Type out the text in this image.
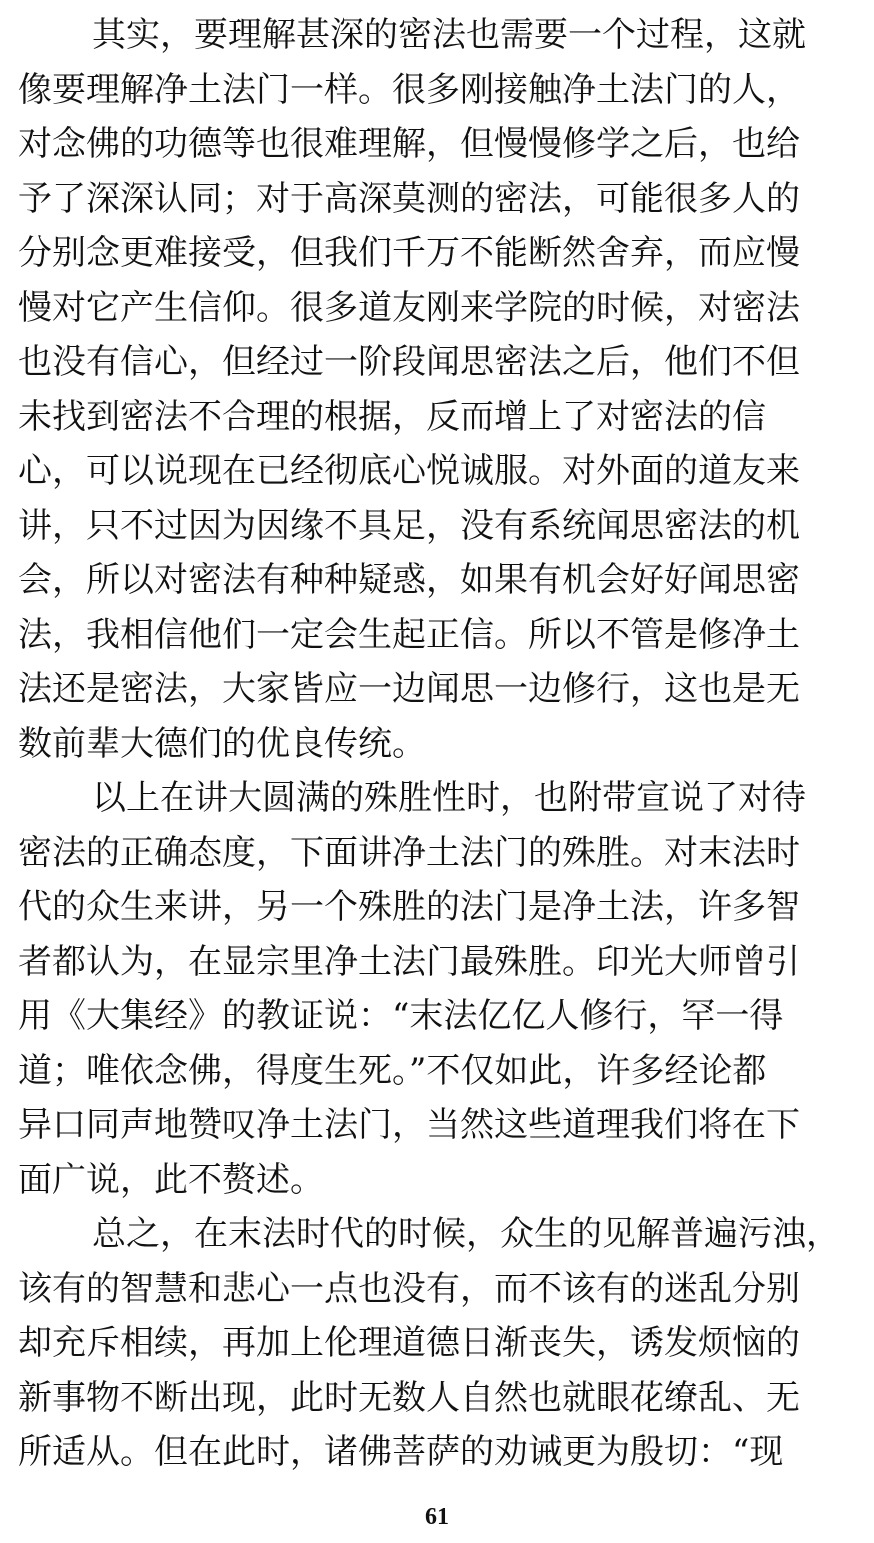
其实，要理解甚深的密法也需要一个过程，这就
像要理解净土法门一样。很多刚接触净土法门的人，
对念佛的功德等也很难理解，但慢慢修学之后，也给
予了深深认同；对于高深莫测的密法，可能很多人的
分别念更难接受，但我们千万不能断然舍弃，而应慢
慢对它产生信仰。很多道友刚来学院的时候，对密法
也没有信心，但经过一阶段闻思密法之后，他们不但
未找到密法不合理的根据，反而增上了对密法的信
心，可以说现在已经彻底心悦诚服。对外面的道友来
讲，只不过因为因缘不具足，没有系统闻思密法的机
会，所以对密法有种种疑惑，如果有机会好好闻思密
法，我相信他们一定会生起正信。所以不管是修净土
法还是密法，大家皆应一边闻思一边修行，这也是无
数前辈大德们的优良传统。
以上在讲大圆满的殊胜性时，也附带宣说了对待
密法的正确态度，下面讲净土法门的殊胜。对末法时
代的众生来讲，另一个殊胜的法门是净土法，许多智
者都认为，在显宗里净土法门最殊胜。印光大师曾引
用《大集经》的教证说：“末法亿亿人修行，罕一得
道；唯依念佛，得度生死。”不仅如此，许多经论都
异口同声地赞叹净土法门，当然这些道理我们将在下
面广说，此不赘述。
总之，在末法时代的时候，众生的见解普遍污浊，
该有的智慧和悲心一点也没有，而不该有的迷乱分别
却充斥相续，再加上伦理道德日渐丧失，诱发烦恼的
新事物不断出现，此时无数人自然也就眼花缭乱、无
所适从。但在此时，诸佛菩萨的劝诫更为殷切：“现
61
